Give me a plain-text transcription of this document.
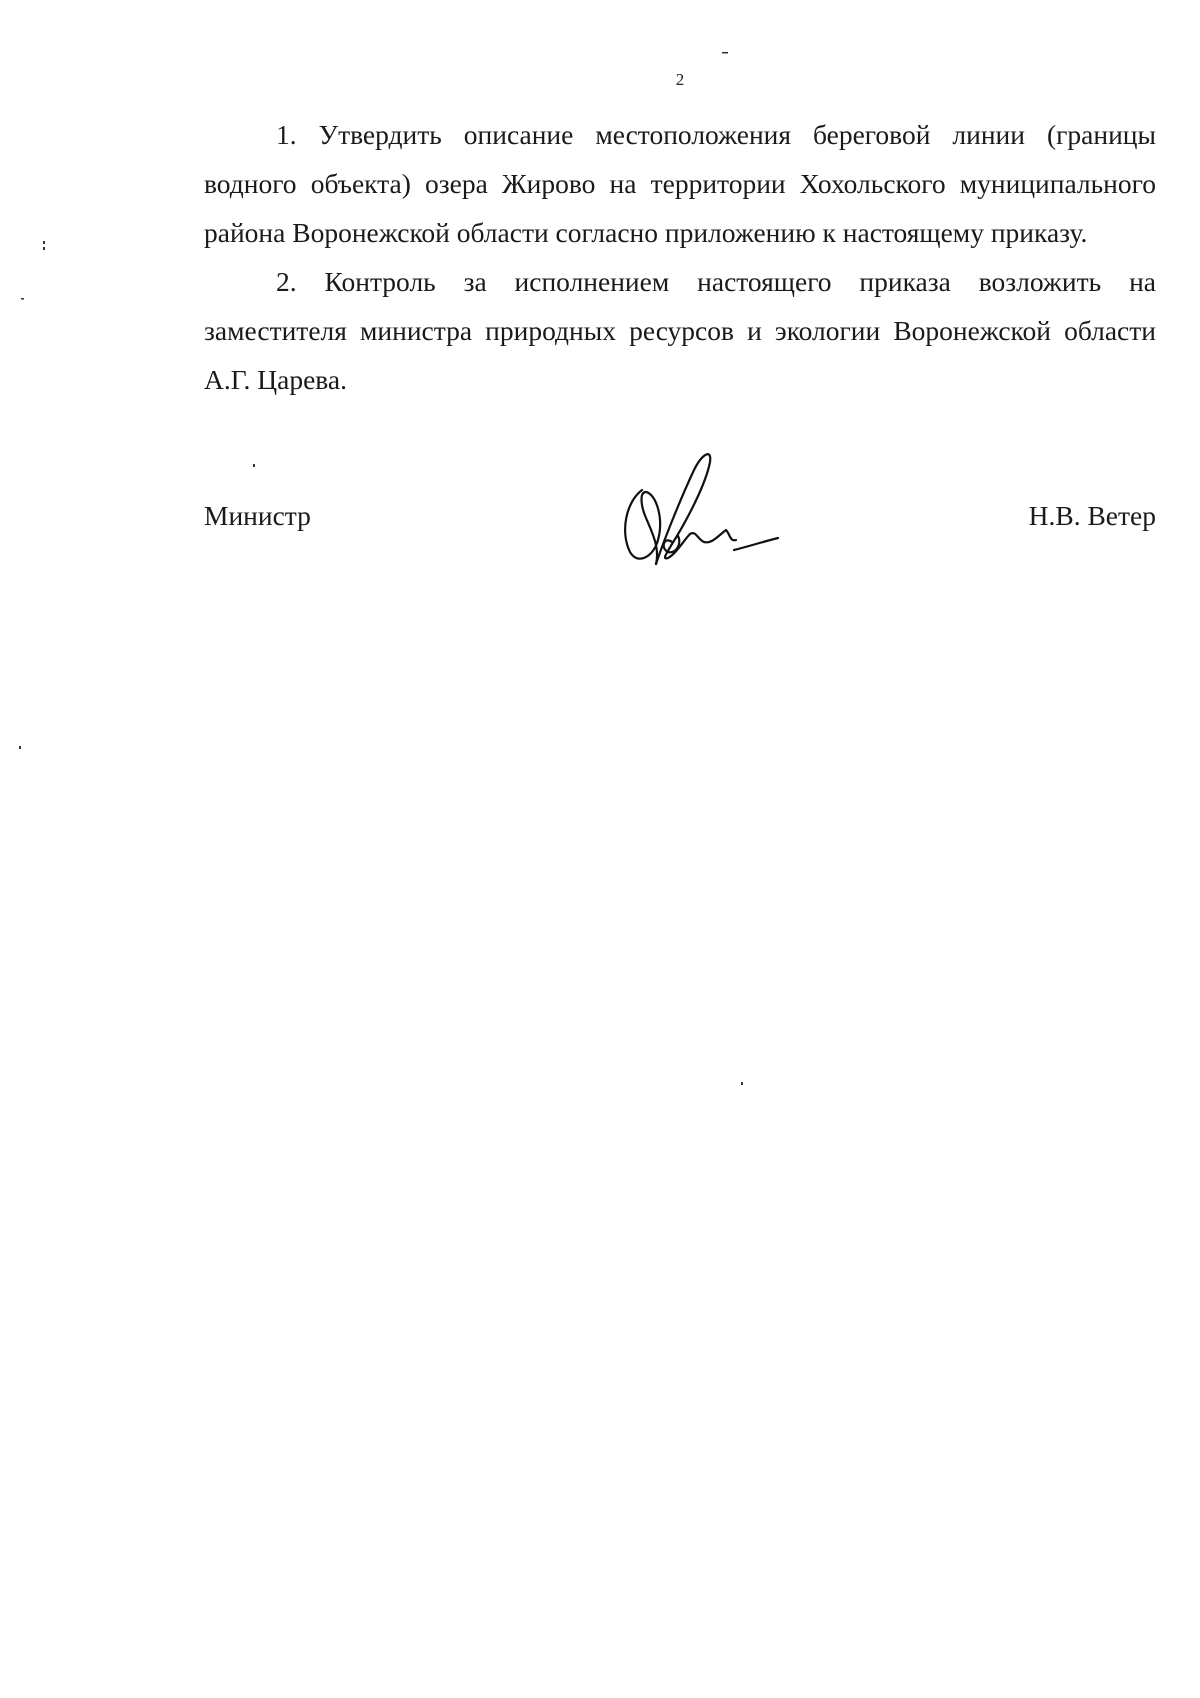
2

1. Утвердить описание местоположения береговой линии (границы водного объекта) озера Жирово на территории Хохольского муниципального района Воронежской области согласно приложению к настоящему приказу.

2. Контроль за исполнением настоящего приказа возложить на заместителя министра природных ресурсов и экологии Воронежской области А.Г. Царева.

Министр	Н.В. Ветер
